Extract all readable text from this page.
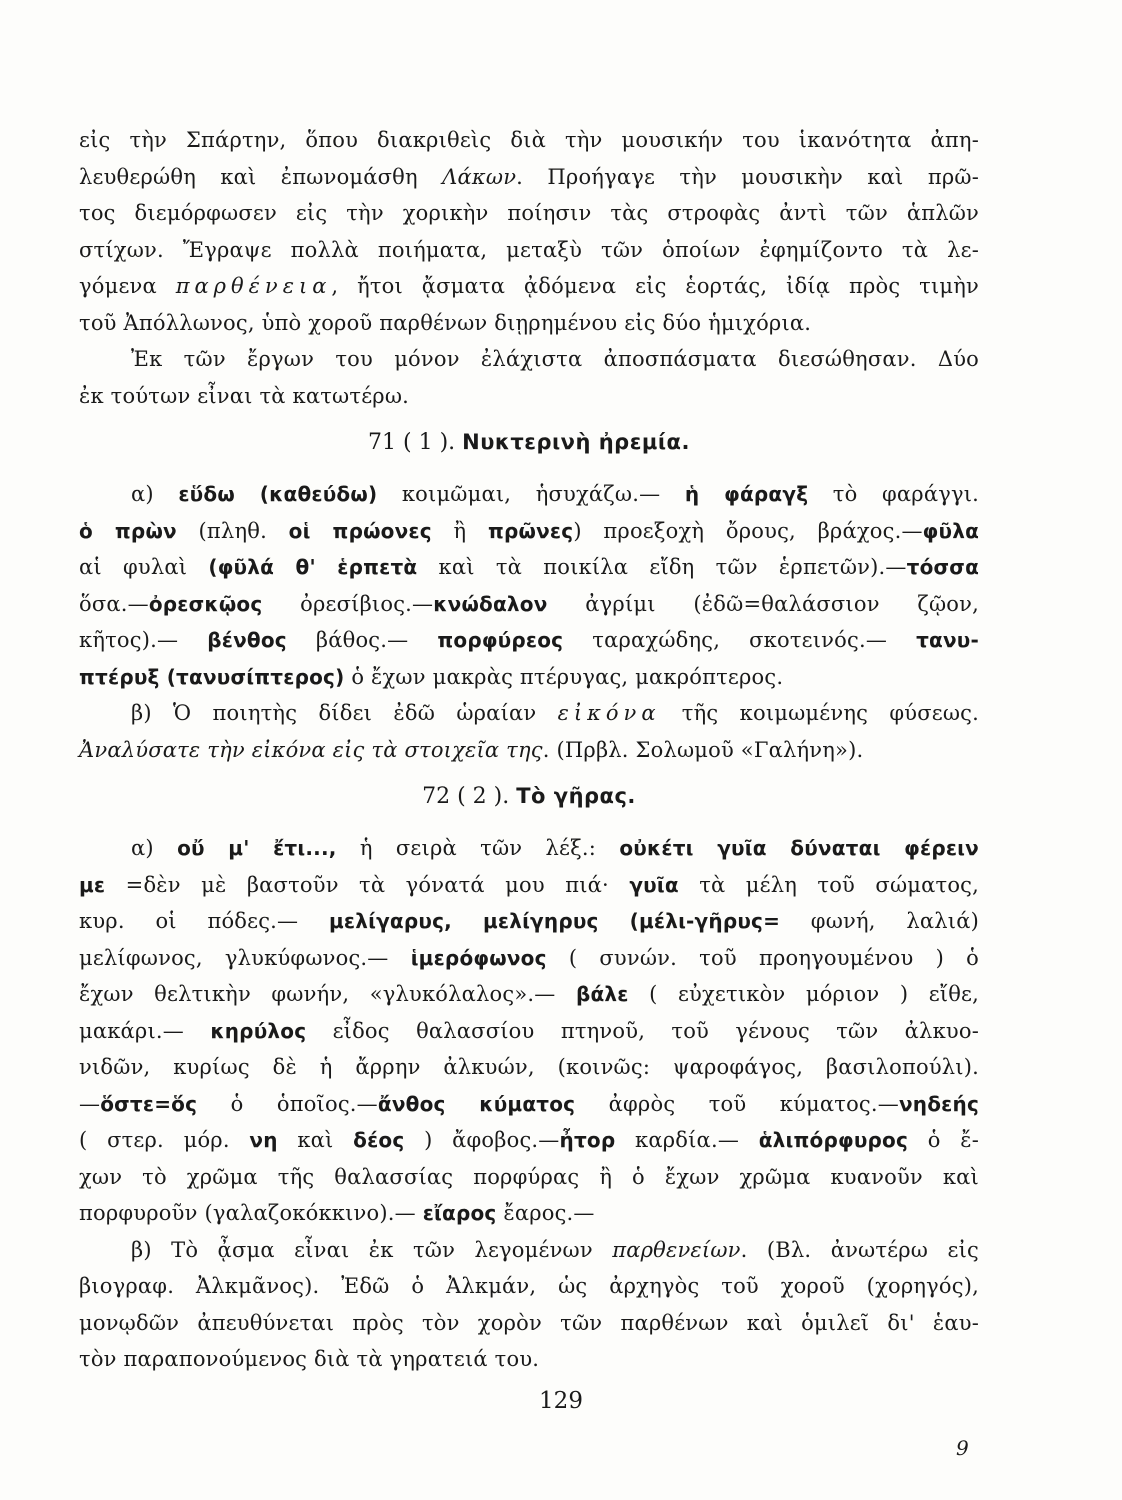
εἰς τὴν Σπάρτην, ὅπου διακριθεὶς διὰ τὴν μουσικήν του ἱκανότητα ἀπη-
λευθερώθη καὶ ἐπωνομάσθη Λάκων. Προήγαγε τὴν μουσικὴν καὶ πρῶ-
τος διεμόρφωσεν εἰς τὴν χορικὴν ποίησιν τὰς στροφὰς ἀντὶ τῶν ἁπλῶν
στίχων. Ἔγραψε πολλὰ ποιήματα, μεταξὺ τῶν ὁποίων ἐφημίζοντο τὰ λε-
γόμενα παρθένεια, ἤτοι ᾄσματα ᾀδόμενα εἰς ἑορτάς, ἰδίᾳ πρὸς τιμὴν
τοῦ Ἀπόλλωνος, ὑπὸ χοροῦ παρθένων διῃρημένου εἰς δύο ἡμιχόρια.
Ἐκ τῶν ἔργων του μόνον ἐλάχιστα ἀποσπάσματα διεσώθησαν. Δύο
ἐκ τούτων εἶναι τὰ κατωτέρω.
71 ( 1 ). Νυκτερινὴ ἠρεμία.
α) εὕδω (καθεύδω) κοιμῶμαι, ἡσυχάζω.— ἡ φάραγξ τὸ φαράγγι.
ὁ πρὼν (πληθ. οἱ πρώονες ἢ πρῶνες) προεξοχὴ ὄρους, βράχος.—φῦλα
αἱ φυλαὶ (φῦλά θ' ἑρπετὰ καὶ τὰ ποικίλα εἴδη τῶν ἑρπετῶν).—τόσσα
ὅσα.—ὀρεσκῷος ὀρεσίβιος.—κνώδαλον ἀγρίμι (ἐδῶ=θαλάσσιον ζῷον,
κῆτος).— βένθος βάθος.— πορφύρεος ταραχώδης, σκοτεινός.— τανυ-
πτέρυξ (τανυσίπτερος) ὁ ἔχων μακρὰς πτέρυγας, μακρόπτερος.
β) Ὁ ποιητὴς δίδει ἐδῶ ὡραίαν εἰκόνα τῆς κοιμωμένης φύσεως.
Ἀναλύσατε τὴν εἰκόνα εἰς τὰ στοιχεῖα της. (Πρβλ. Σολωμοῦ «Γαλήνη»).
72 ( 2 ). Τὸ γῆρας.
α) οὔ μ' ἔτι..., ἡ σειρὰ τῶν λέξ.: οὐκέτι γυῖα δύναται φέρειν
με =δὲν μὲ βαστοῦν τὰ γόνατά μου πιά· γυῖα τὰ μέλη τοῦ σώματος,
κυρ. οἱ πόδες.— μελίγαρυς, μελίγηρυς (μέλι-γῆρυς= φωνή, λαλιά)
μελίφωνος, γλυκύφωνος.— ἱμερόφωνος ( συνών. τοῦ προηγουμένου ) ὁ
ἔχων θελτικὴν φωνήν, «γλυκόλαλος».— βάλε ( εὐχετικὸν μόριον ) εἴθε,
μακάρι.— κηρύλος εἶδος θαλασσίου πτηνοῦ, τοῦ γένους τῶν ἀλκυο-
νιδῶν, κυρίως δὲ ἡ ἄρρην ἀλκυών, (κοινῶς: ψαροφάγος, βασιλοπούλι).
—ὅστε=ὅς ὁ ὁποῖος.—ἄνθος κύματος ἀφρὸς τοῦ κύματος.—νηδεής
( στερ. μόρ. νη καὶ δέος ) ἄφοβος.—ἦτορ καρδία.— ἁλιπόρφυρος ὁ ἔ-
χων τὸ χρῶμα τῆς θαλασσίας πορφύρας ἢ ὁ ἔχων χρῶμα κυανοῦν καὶ
πορφυροῦν (γαλαζοκόκκινο).— εἴαρος ἔαρος.—
β) Τὸ ᾆσμα εἶναι ἐκ τῶν λεγομένων παρθενείων. (Βλ. ἀνωτέρω εἰς
βιογραφ. Ἀλκμᾶνος). Ἐδῶ ὁ Ἀλκμάν, ὡς ἀρχηγὸς τοῦ χοροῦ (χορηγός),
μονῳδῶν ἀπευθύνεται πρὸς τὸν χορὸν τῶν παρθένων καὶ ὁμιλεῖ δι' ἑαυ-
τὸν παραπονούμενος διὰ τὰ γηρατειά του.
129
9
